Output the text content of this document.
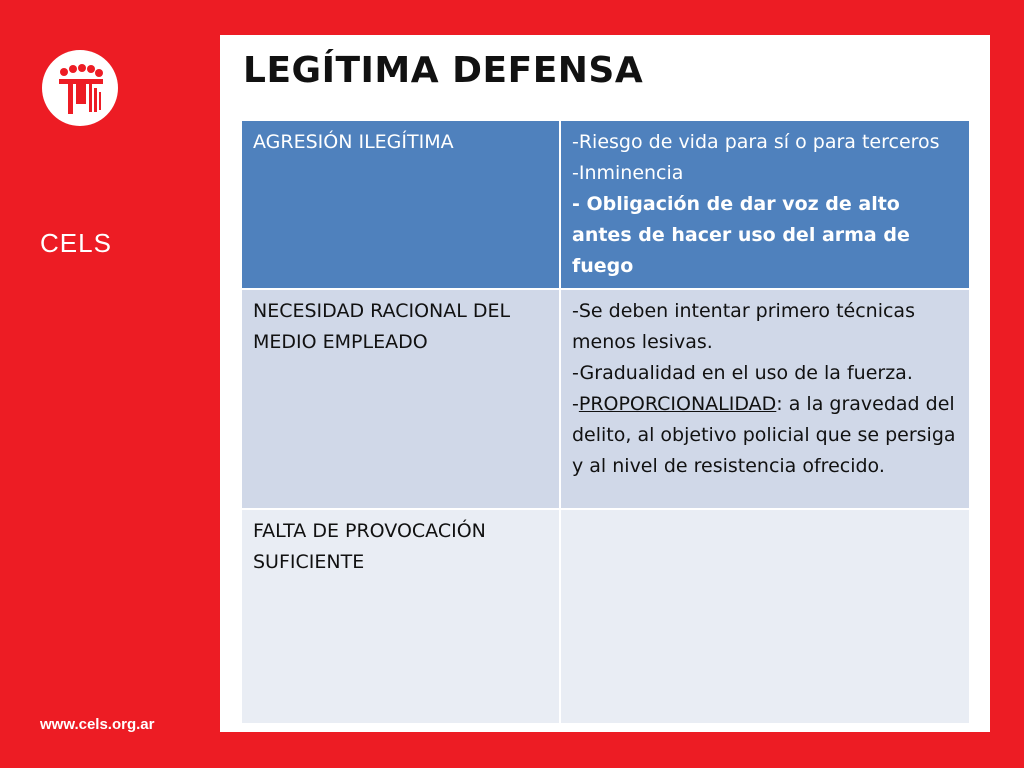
CELS
www.cels.org.ar
LEGÍTIMA DEFENSA
AGRESIÓN ILEGÍTIMA	-Riesgo de vida para sí o para terceros
-Inminencia
- Obligación de dar voz de alto antes de hacer uso del arma de fuego

NECESIDAD RACIONAL DEL MEDIO EMPLEADO	-Se deben intentar primero técnicas menos lesivas.
-Gradualidad en el uso de la fuerza.
-PROPORCIONALIDAD: a la gravedad del delito, al objetivo policial que se persiga y al nivel de resistencia ofrecido.

FALTA DE PROVOCACIÓN SUFICIENTE	
